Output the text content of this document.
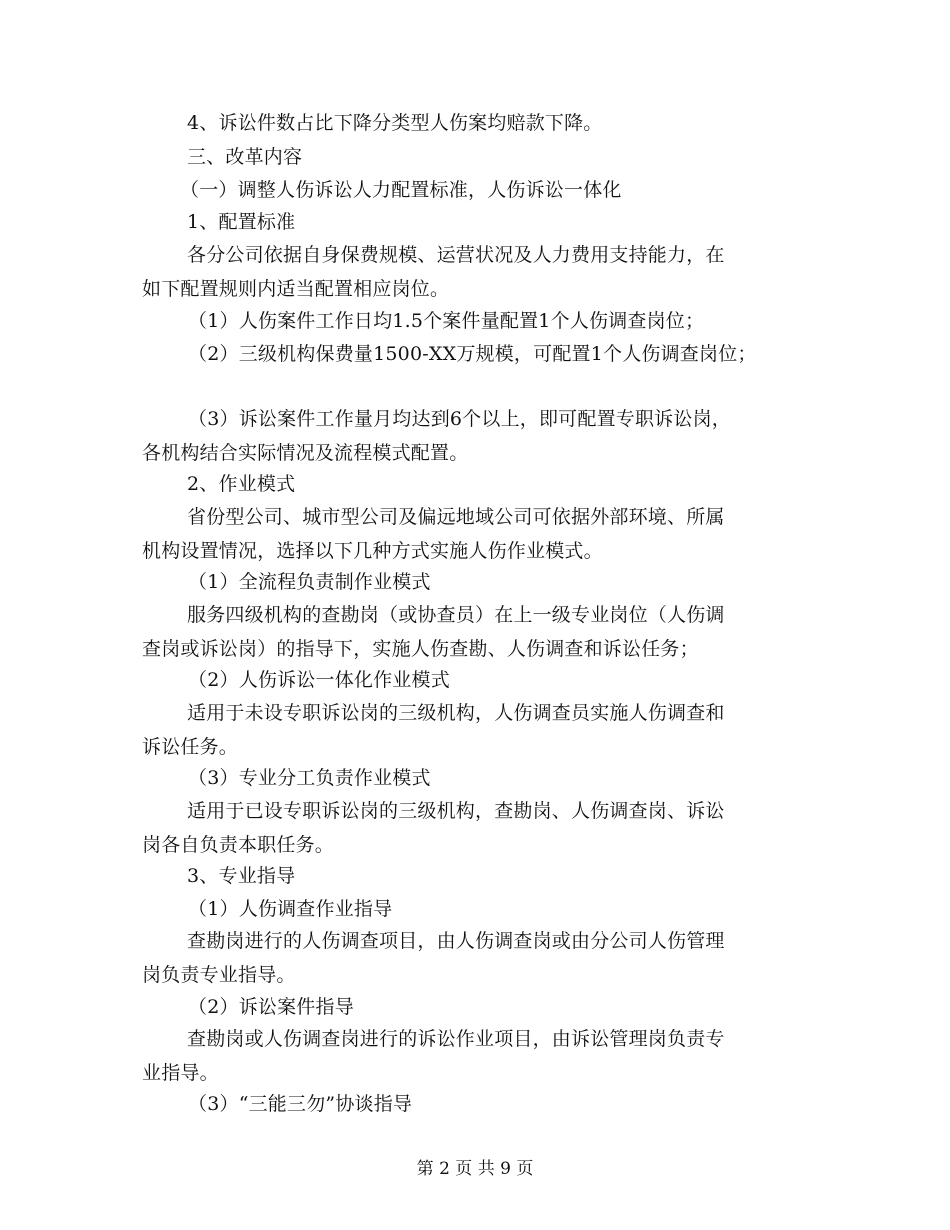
4、诉讼件数占比下降分类型人伤案均赔款下降。
三、改革内容
（一）调整人伤诉讼人力配置标准，人伤诉讼一体化
1、配置标准
各分公司依据自身保费规模、运营状况及人力费用支持能力，在
如下配置规则内适当配置相应岗位。
（1）人伤案件工作日均1.5个案件量配置1个人伤调查岗位；
（2）三级机构保费量1500-XX万规模，可配置1个人伤调查岗位；
（3）诉讼案件工作量月均达到6个以上，即可配置专职诉讼岗，
各机构结合实际情况及流程模式配置。
2、作业模式
省份型公司、城市型公司及偏远地域公司可依据外部环境、所属
机构设置情况，选择以下几种方式实施人伤作业模式。
（1）全流程负责制作业模式
服务四级机构的查勘岗（或协查员）在上一级专业岗位（人伤调
查岗或诉讼岗）的指导下，实施人伤查勘、人伤调查和诉讼任务；
（2）人伤诉讼一体化作业模式
适用于未设专职诉讼岗的三级机构，人伤调查员实施人伤调查和
诉讼任务。
（3）专业分工负责作业模式
适用于已设专职诉讼岗的三级机构，查勘岗、人伤调查岗、诉讼
岗各自负责本职任务。
3、专业指导
（1）人伤调查作业指导
查勘岗进行的人伤调查项目，由人伤调查岗或由分公司人伤管理
岗负责专业指导。
（2）诉讼案件指导
查勘岗或人伤调查岗进行的诉讼作业项目，由诉讼管理岗负责专
业指导。
（3）“三能三勿”协谈指导
第 2 页 共 9 页
